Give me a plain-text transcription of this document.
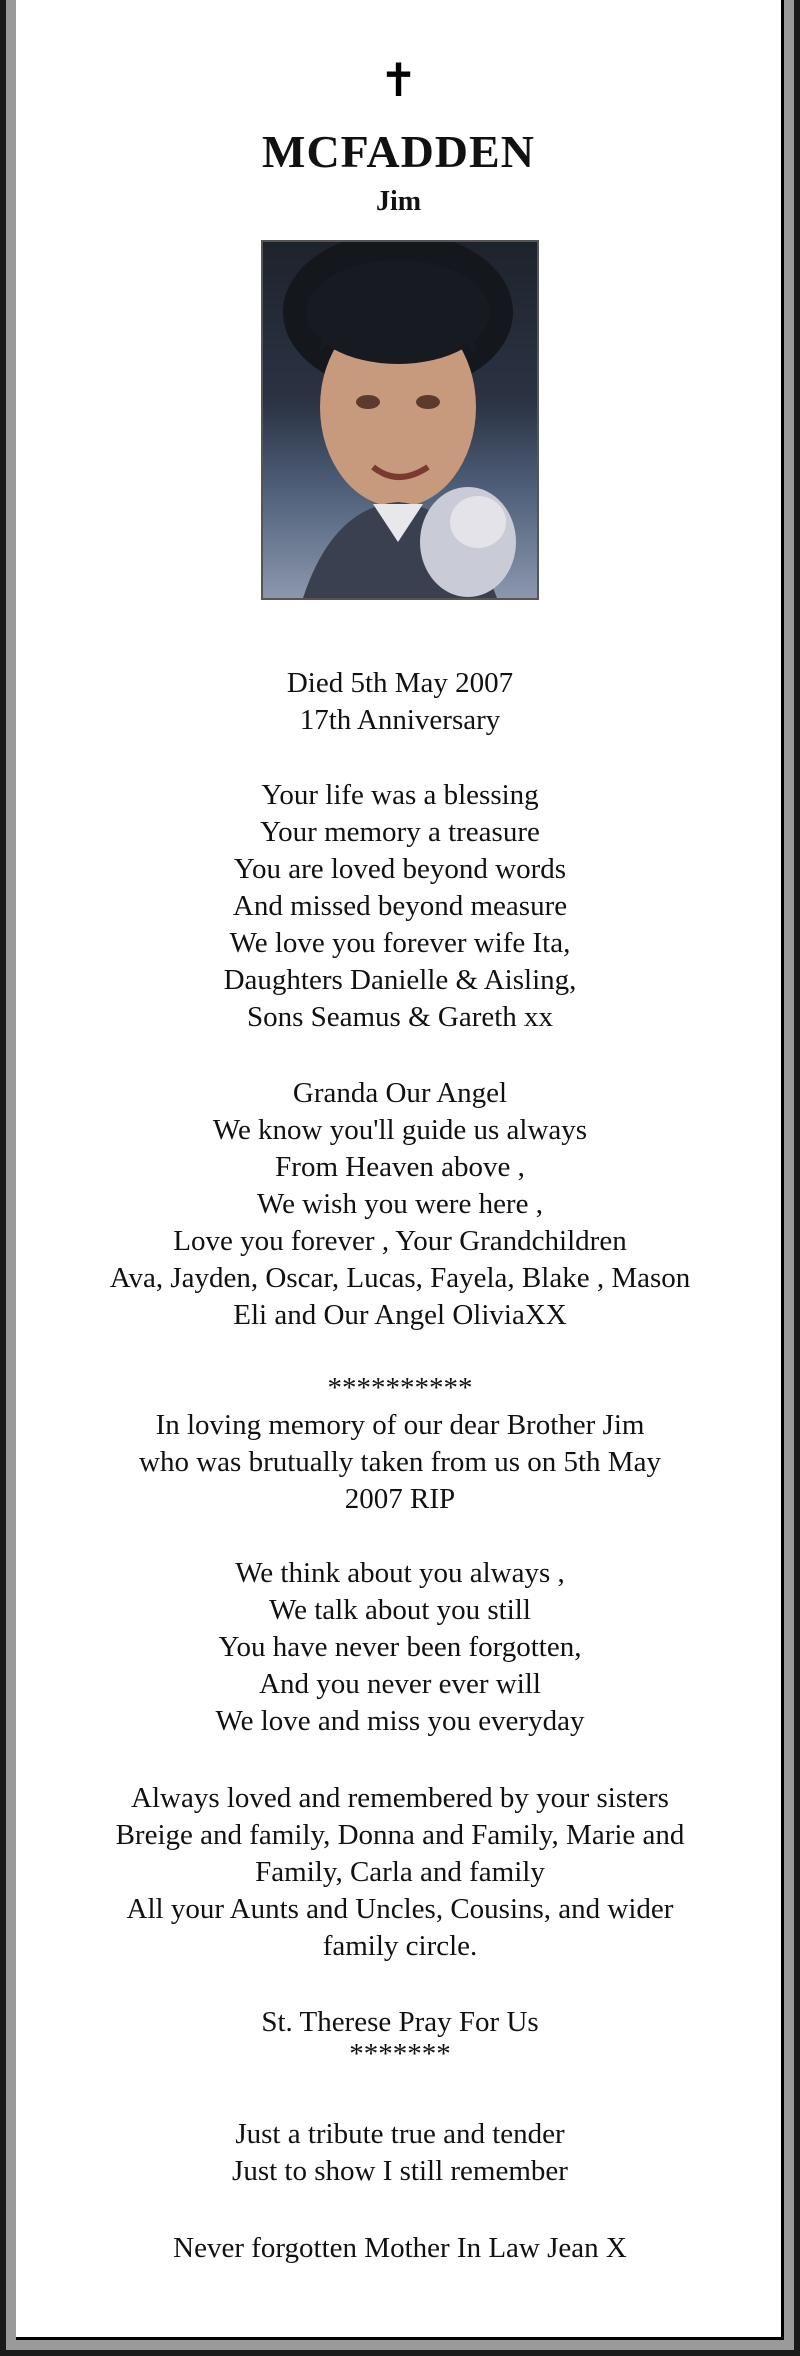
✝
MCFADDEN
Jim
Died 5th May 2007
17th Anniversary
Your life was a blessing
Your memory a treasure
You are loved beyond words
And missed beyond measure
We love you forever wife Ita,
Daughters Danielle & Aisling,
Sons Seamus & Gareth xx
Granda Our Angel
We know you'll guide us always
From Heaven above ,
We wish you were here ,
Love you forever , Your Grandchildren
Ava, Jayden, Oscar, Lucas, Fayela, Blake , Mason
Eli and Our Angel OliviaXX
**********
In loving memory of our dear Brother Jim
who was brutually taken from us on 5th May
2007 RIP
We think about you always ,
We talk about you still
You have never been forgotten,
And you never ever will
We love and miss you everyday
Always loved and remembered by your sisters
Breige and family, Donna and Family, Marie and
Family, Carla and family
All your Aunts and Uncles, Cousins, and wider
family circle.
St. Therese Pray For Us
*******
Just a tribute true and tender
Just to show I still remember
Never forgotten Mother In Law Jean X
